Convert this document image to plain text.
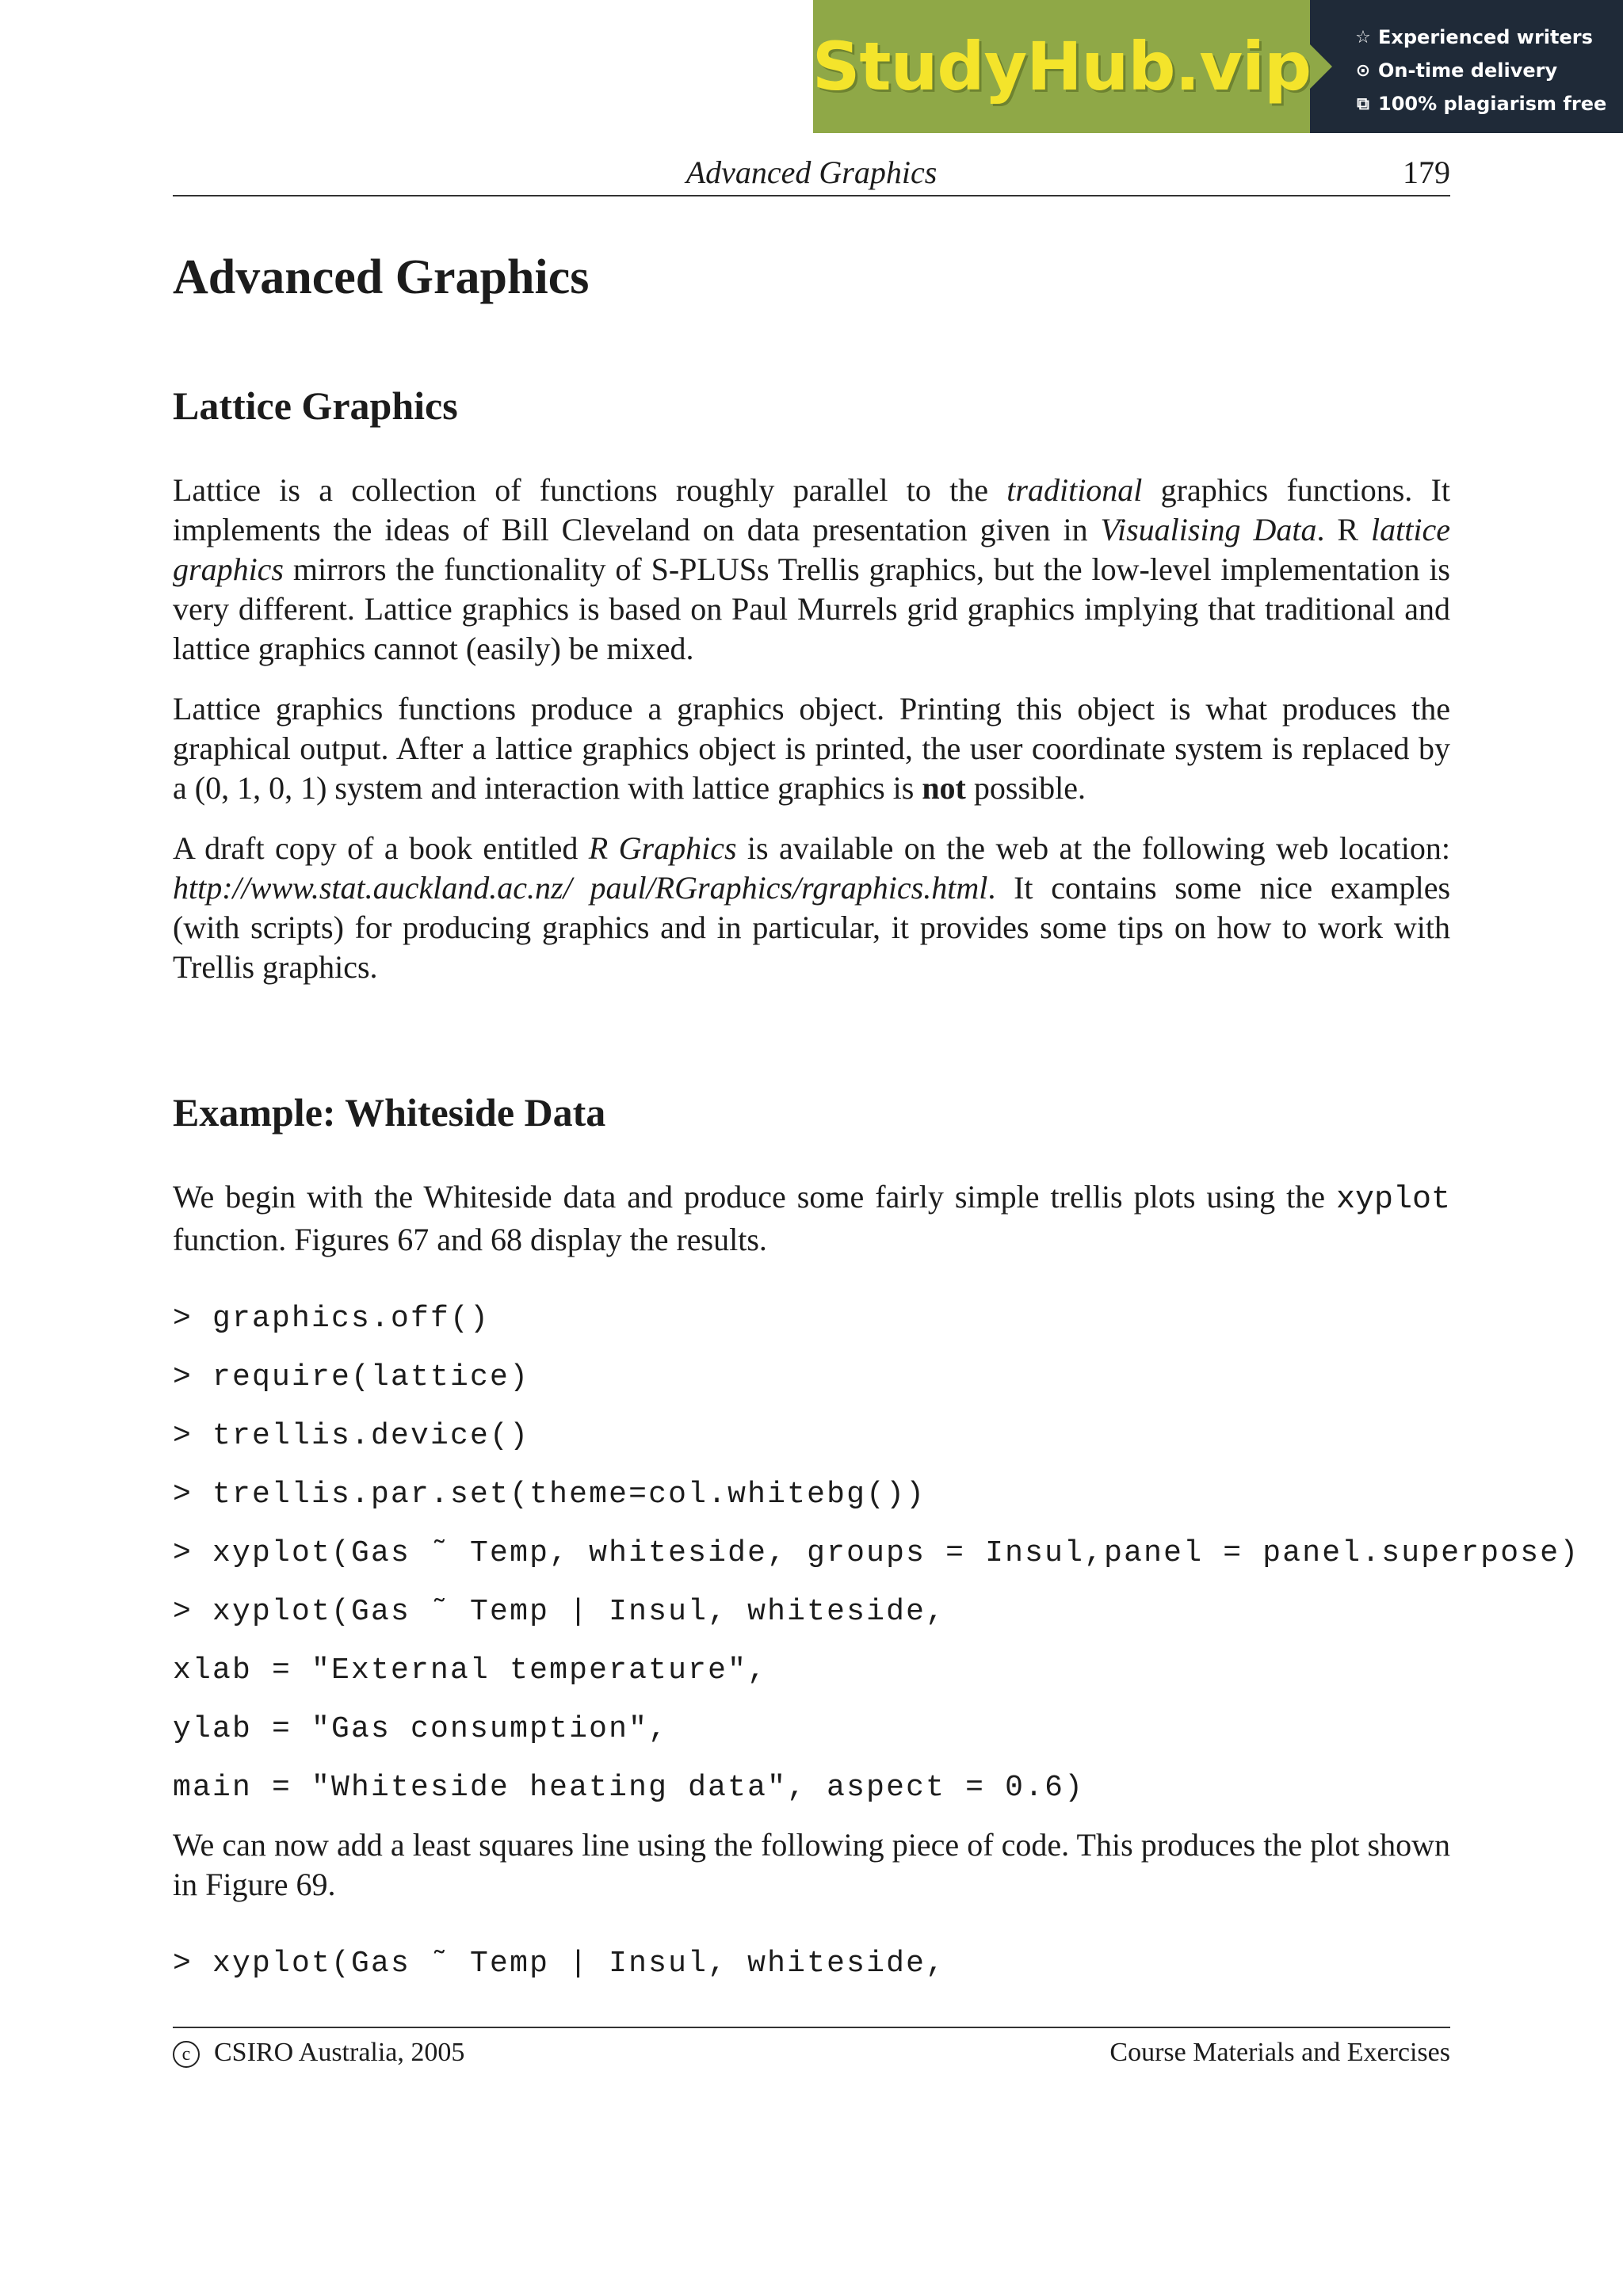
StudyHub.vip	☆ Experienced writers
⊙ On-time delivery
⧉ 100% plagiarism free
Advanced Graphics	179
Advanced Graphics
Lattice Graphics

Lattice is a collection of functions roughly parallel to the traditional graphics functions. It implements the ideas of Bill Cleveland on data presentation given in Visualising Data. R lattice graphics mirrors the functionality of S-PLUSs Trellis graphics, but the low-level implementation is very different. Lattice graphics is based on Paul Murrels grid graphics implying that traditional and lattice graphics cannot (easily) be mixed.

Lattice graphics functions produce a graphics object. Printing this object is what produces the graphical output. After a lattice graphics object is printed, the user coordinate system is replaced by a (0, 1, 0, 1) system and interaction with lattice graphics is not possible.

A draft copy of a book entitled R Graphics is available on the web at the following web location: http://www.stat.auckland.ac.nz/ paul/RGraphics/rgraphics.html. It contains some nice examples (with scripts) for producing graphics and in particular, it provides some tips on how to work with Trellis graphics.

Example: Whiteside Data

We begin with the Whiteside data and produce some fairly simple trellis plots using the xyplot function. Figures 67 and 68 display the results.

> graphics.off()
> require(lattice)
> trellis.device()
> trellis.par.set(theme=col.whitebg())
> xyplot(Gas ˜ Temp, whiteside, groups = Insul,panel = panel.superpose)
> xyplot(Gas ˜ Temp | Insul, whiteside,
xlab = "External temperature",
ylab = "Gas consumption",
main = "Whiteside heating data", aspect = 0.6)

We can now add a least squares line using the following piece of code. This produces the plot shown in Figure 69.

> xyplot(Gas ˜ Temp | Insul, whiteside,
c CSIRO Australia, 2005	Course Materials and Exercises
